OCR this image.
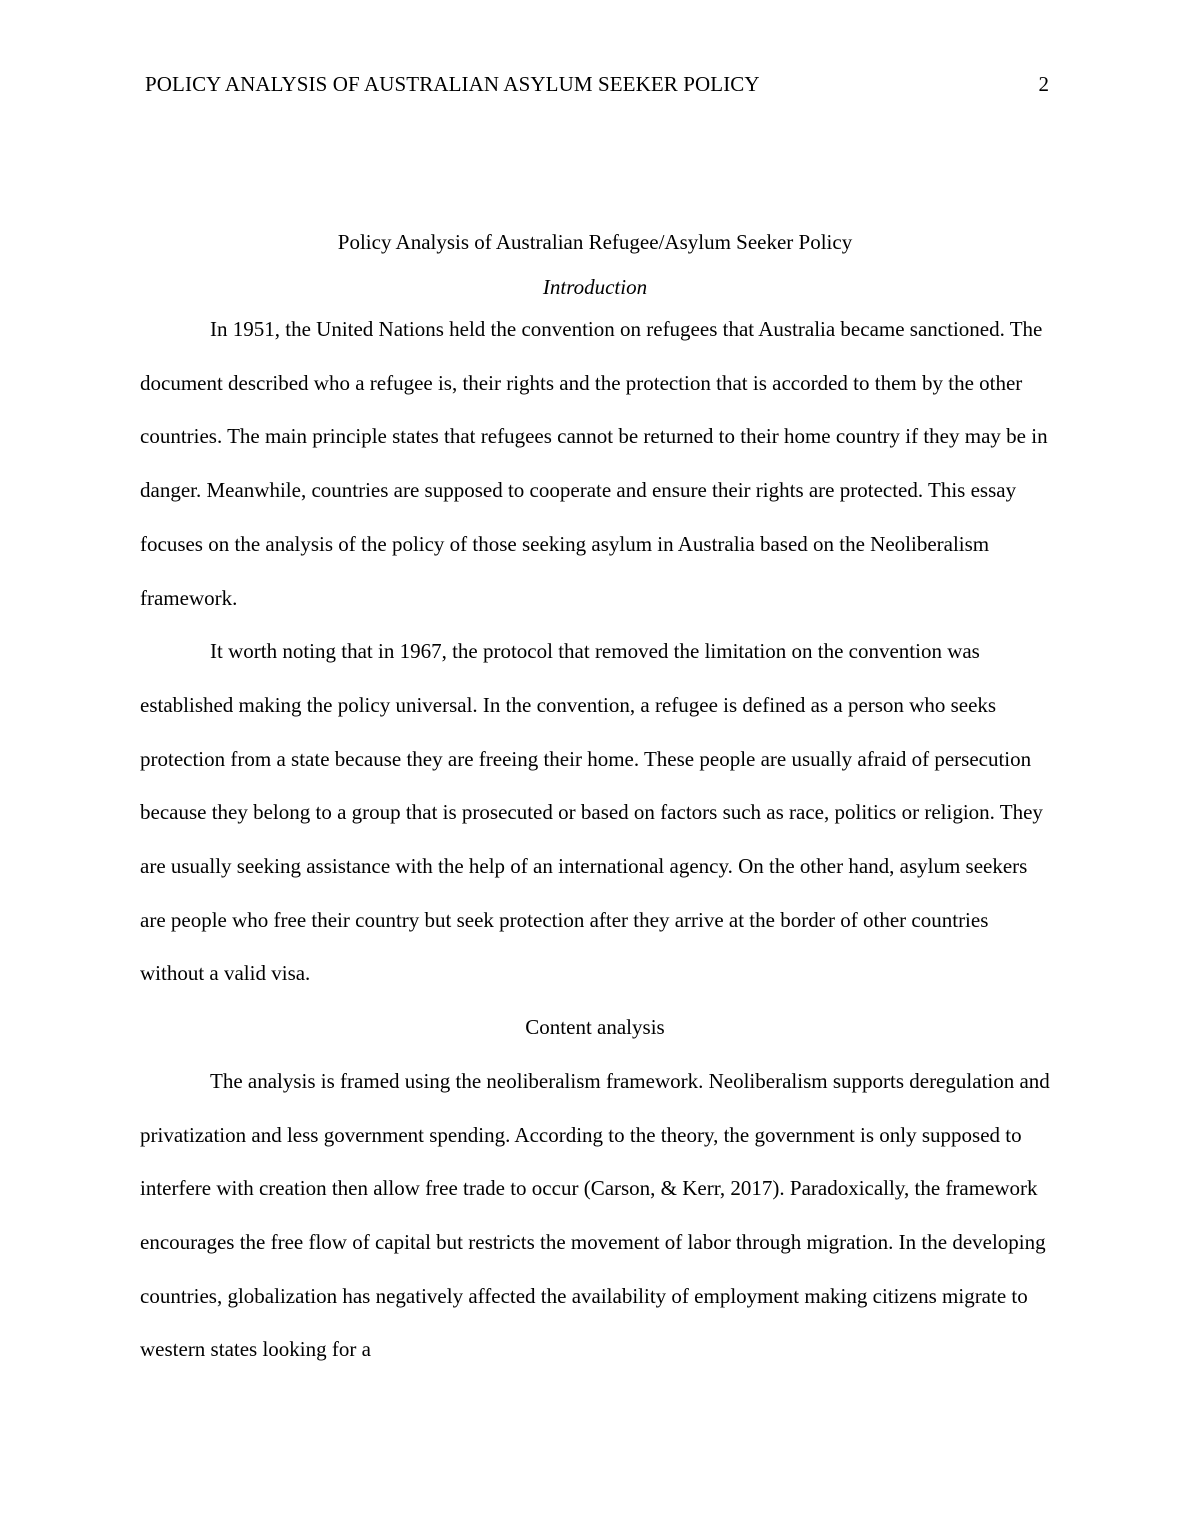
POLICY ANALYSIS OF AUSTRALIAN ASYLUM SEEKER POLICY	2
Policy Analysis of Australian Refugee/Asylum Seeker Policy
Introduction

In 1951, the United Nations held the convention on refugees that Australia became sanctioned. The document described who a refugee is, their rights and the protection that is accorded to them by the other countries. The main principle states that refugees cannot be returned to their home country if they may be in danger. Meanwhile, countries are supposed to cooperate and ensure their rights are protected. This essay focuses on the analysis of the policy of those seeking asylum in Australia based on the Neoliberalism framework.

It worth noting that in 1967, the protocol that removed the limitation on the convention was established making the policy universal. In the convention, a refugee is defined as a person who seeks protection from a state because they are freeing their home. These people are usually afraid of persecution because they belong to a group that is prosecuted or based on factors such as race, politics or religion. They are usually seeking assistance with the help of an international agency. On the other hand, asylum seekers are people who free their country but seek protection after they arrive at the border of other countries without a valid visa.

Content analysis

The analysis is framed using the neoliberalism framework. Neoliberalism supports deregulation and privatization and less government spending. According to the theory, the government is only supposed to interfere with creation then allow free trade to occur (Carson, & Kerr, 2017). Paradoxically, the framework encourages the free flow of capital but restricts the movement of labor through migration. In the developing countries, globalization has negatively affected the availability of employment making citizens migrate to western states looking for a
